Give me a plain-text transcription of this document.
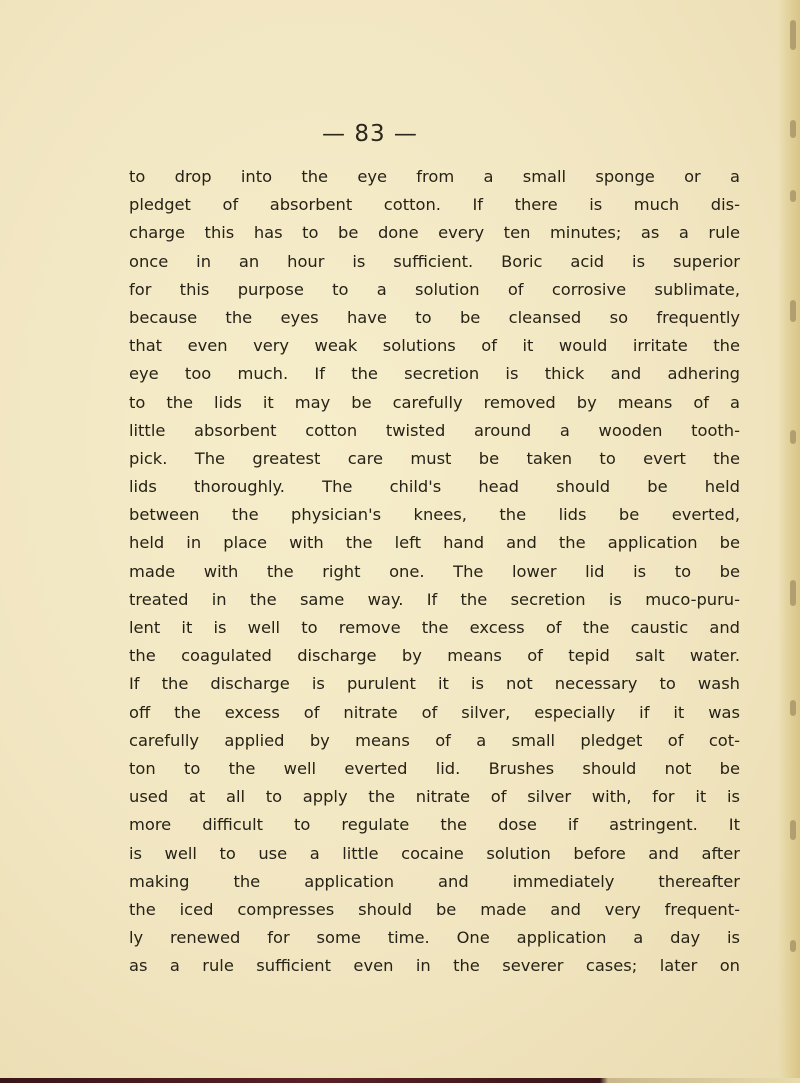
— 83 —
to drop into the eye from a small sponge or a
pledget of absorbent cotton. If there is much dis-
charge this has to be done every ten minutes; as a rule
once in an hour is sufficient. Boric acid is superior
for this purpose to a solution of corrosive sublimate,
because the eyes have to be cleansed so frequently
that even very weak solutions of it would irritate the
eye too much. If the secretion is thick and adhering
to the lids it may be carefully removed by means of a
little absorbent cotton twisted around a wooden tooth-
pick. The greatest care must be taken to evert the
lids thoroughly. The child's head should be held
between the physician's knees, the lids be everted,
held in place with the left hand and the application be
made with the right one. The lower lid is to be
treated in the same way. If the secretion is muco-puru-
lent it is well to remove the excess of the caustic and
the coagulated discharge by means of tepid salt water.
If the discharge is purulent it is not necessary to wash
off the excess of nitrate of silver, especially if it was
carefully applied by means of a small pledget of cot-
ton to the well everted lid. Brushes should not be
used at all to apply the nitrate of silver with, for it is
more difficult to regulate the dose if astringent. It
is well to use a little cocaine solution before and after
making the application and immediately thereafter
the iced compresses should be made and very frequent-
ly renewed for some time. One application a day is
as a rule sufficient even in the severer cases; later on
